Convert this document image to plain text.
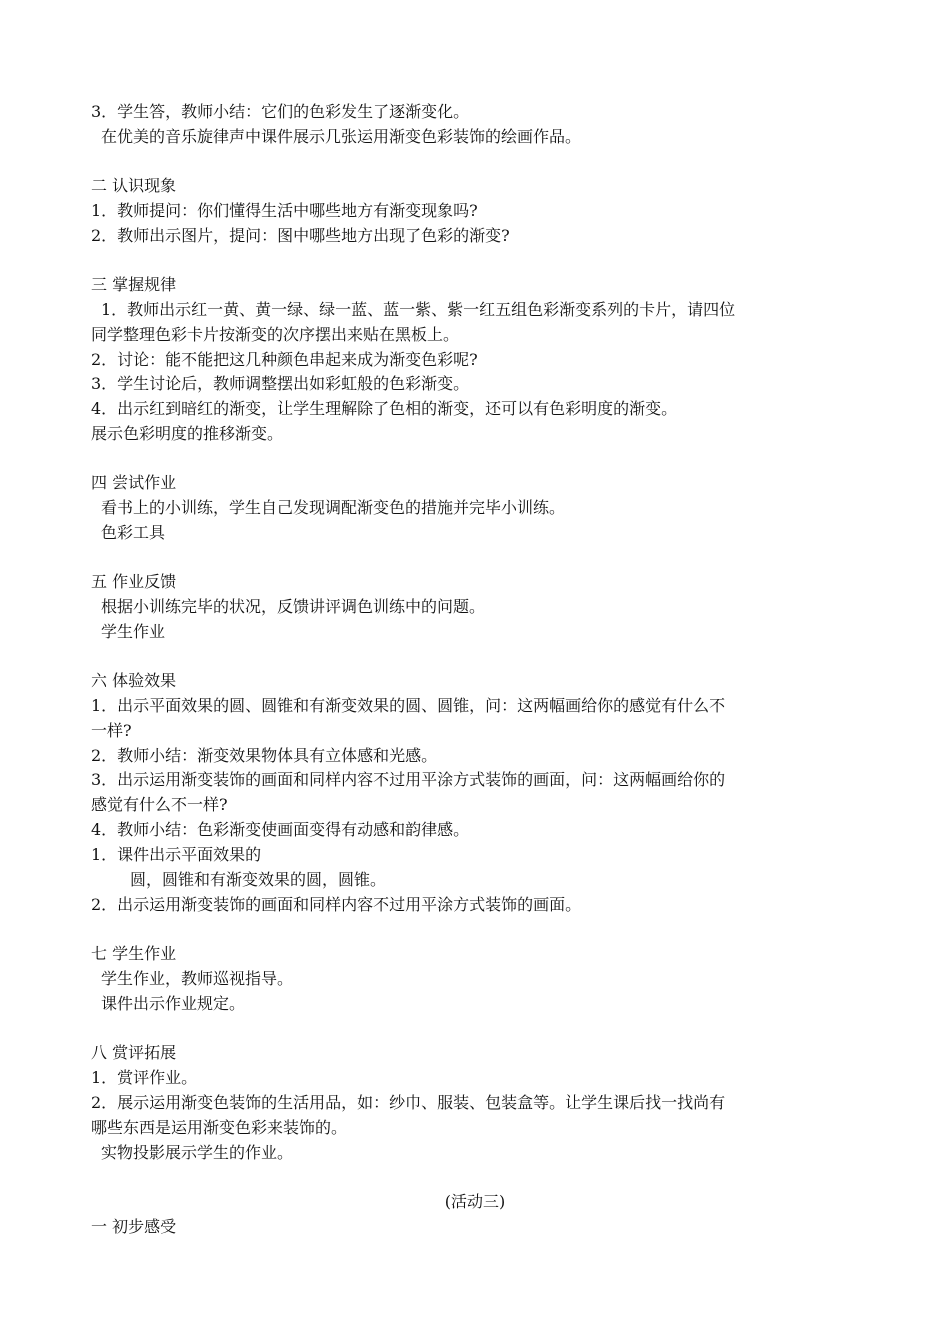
3．学生答，教师小结：它们的色彩发生了逐渐变化。
在优美的音乐旋律声中课件展示几张运用渐变色彩装饰的绘画作品。
二 认识现象
1．教师提问：你们懂得生活中哪些地方有渐变现象吗?
2．教师出示图片，提问：图中哪些地方出现了色彩的渐变?
三 掌握规律
1．教师出示红一黄、黄一绿、绿一蓝、蓝一紫、紫一红五组色彩渐变系列的卡片，请四位
同学整理色彩卡片按渐变的次序摆出来贴在黑板上。
2．讨论：能不能把这几种颜色串起来成为渐变色彩呢?
3．学生讨论后，教师调整摆出如彩虹般的色彩渐变。
4．出示红到暗红的渐变，让学生理解除了色相的渐变，还可以有色彩明度的渐变。
展示色彩明度的推移渐变。
四 尝试作业
看书上的小训练，学生自己发现调配渐变色的措施并完毕小训练。
色彩工具
五 作业反馈
根据小训练完毕的状况，反馈讲评调色训练中的问题。
学生作业
六 体验效果
1．出示平面效果的圆、圆锥和有渐变效果的圆、圆锥，问：这两幅画给你的感觉有什么不
一样?
2．教师小结：渐变效果物体具有立体感和光感。
3．出示运用渐变装饰的画面和同样内容不过用平涂方式装饰的画面，问：这两幅画给你的
感觉有什么不一样?
4．教师小结：色彩渐变使画面变得有动感和韵律感。
1．课件出示平面效果的
圆，圆锥和有渐变效果的圆，圆锥。
2．出示运用渐变装饰的画面和同样内容不过用平涂方式装饰的画面。
七 学生作业
学生作业，教师巡视指导。
课件出示作业规定。
八 赏评拓展
1．赏评作业。
2．展示运用渐变色装饰的生活用品，如：纱巾、服装、包装盒等。让学生课后找一找尚有
哪些东西是运用渐变色彩来装饰的。
实物投影展示学生的作业。
(活动三)
一 初步感受
